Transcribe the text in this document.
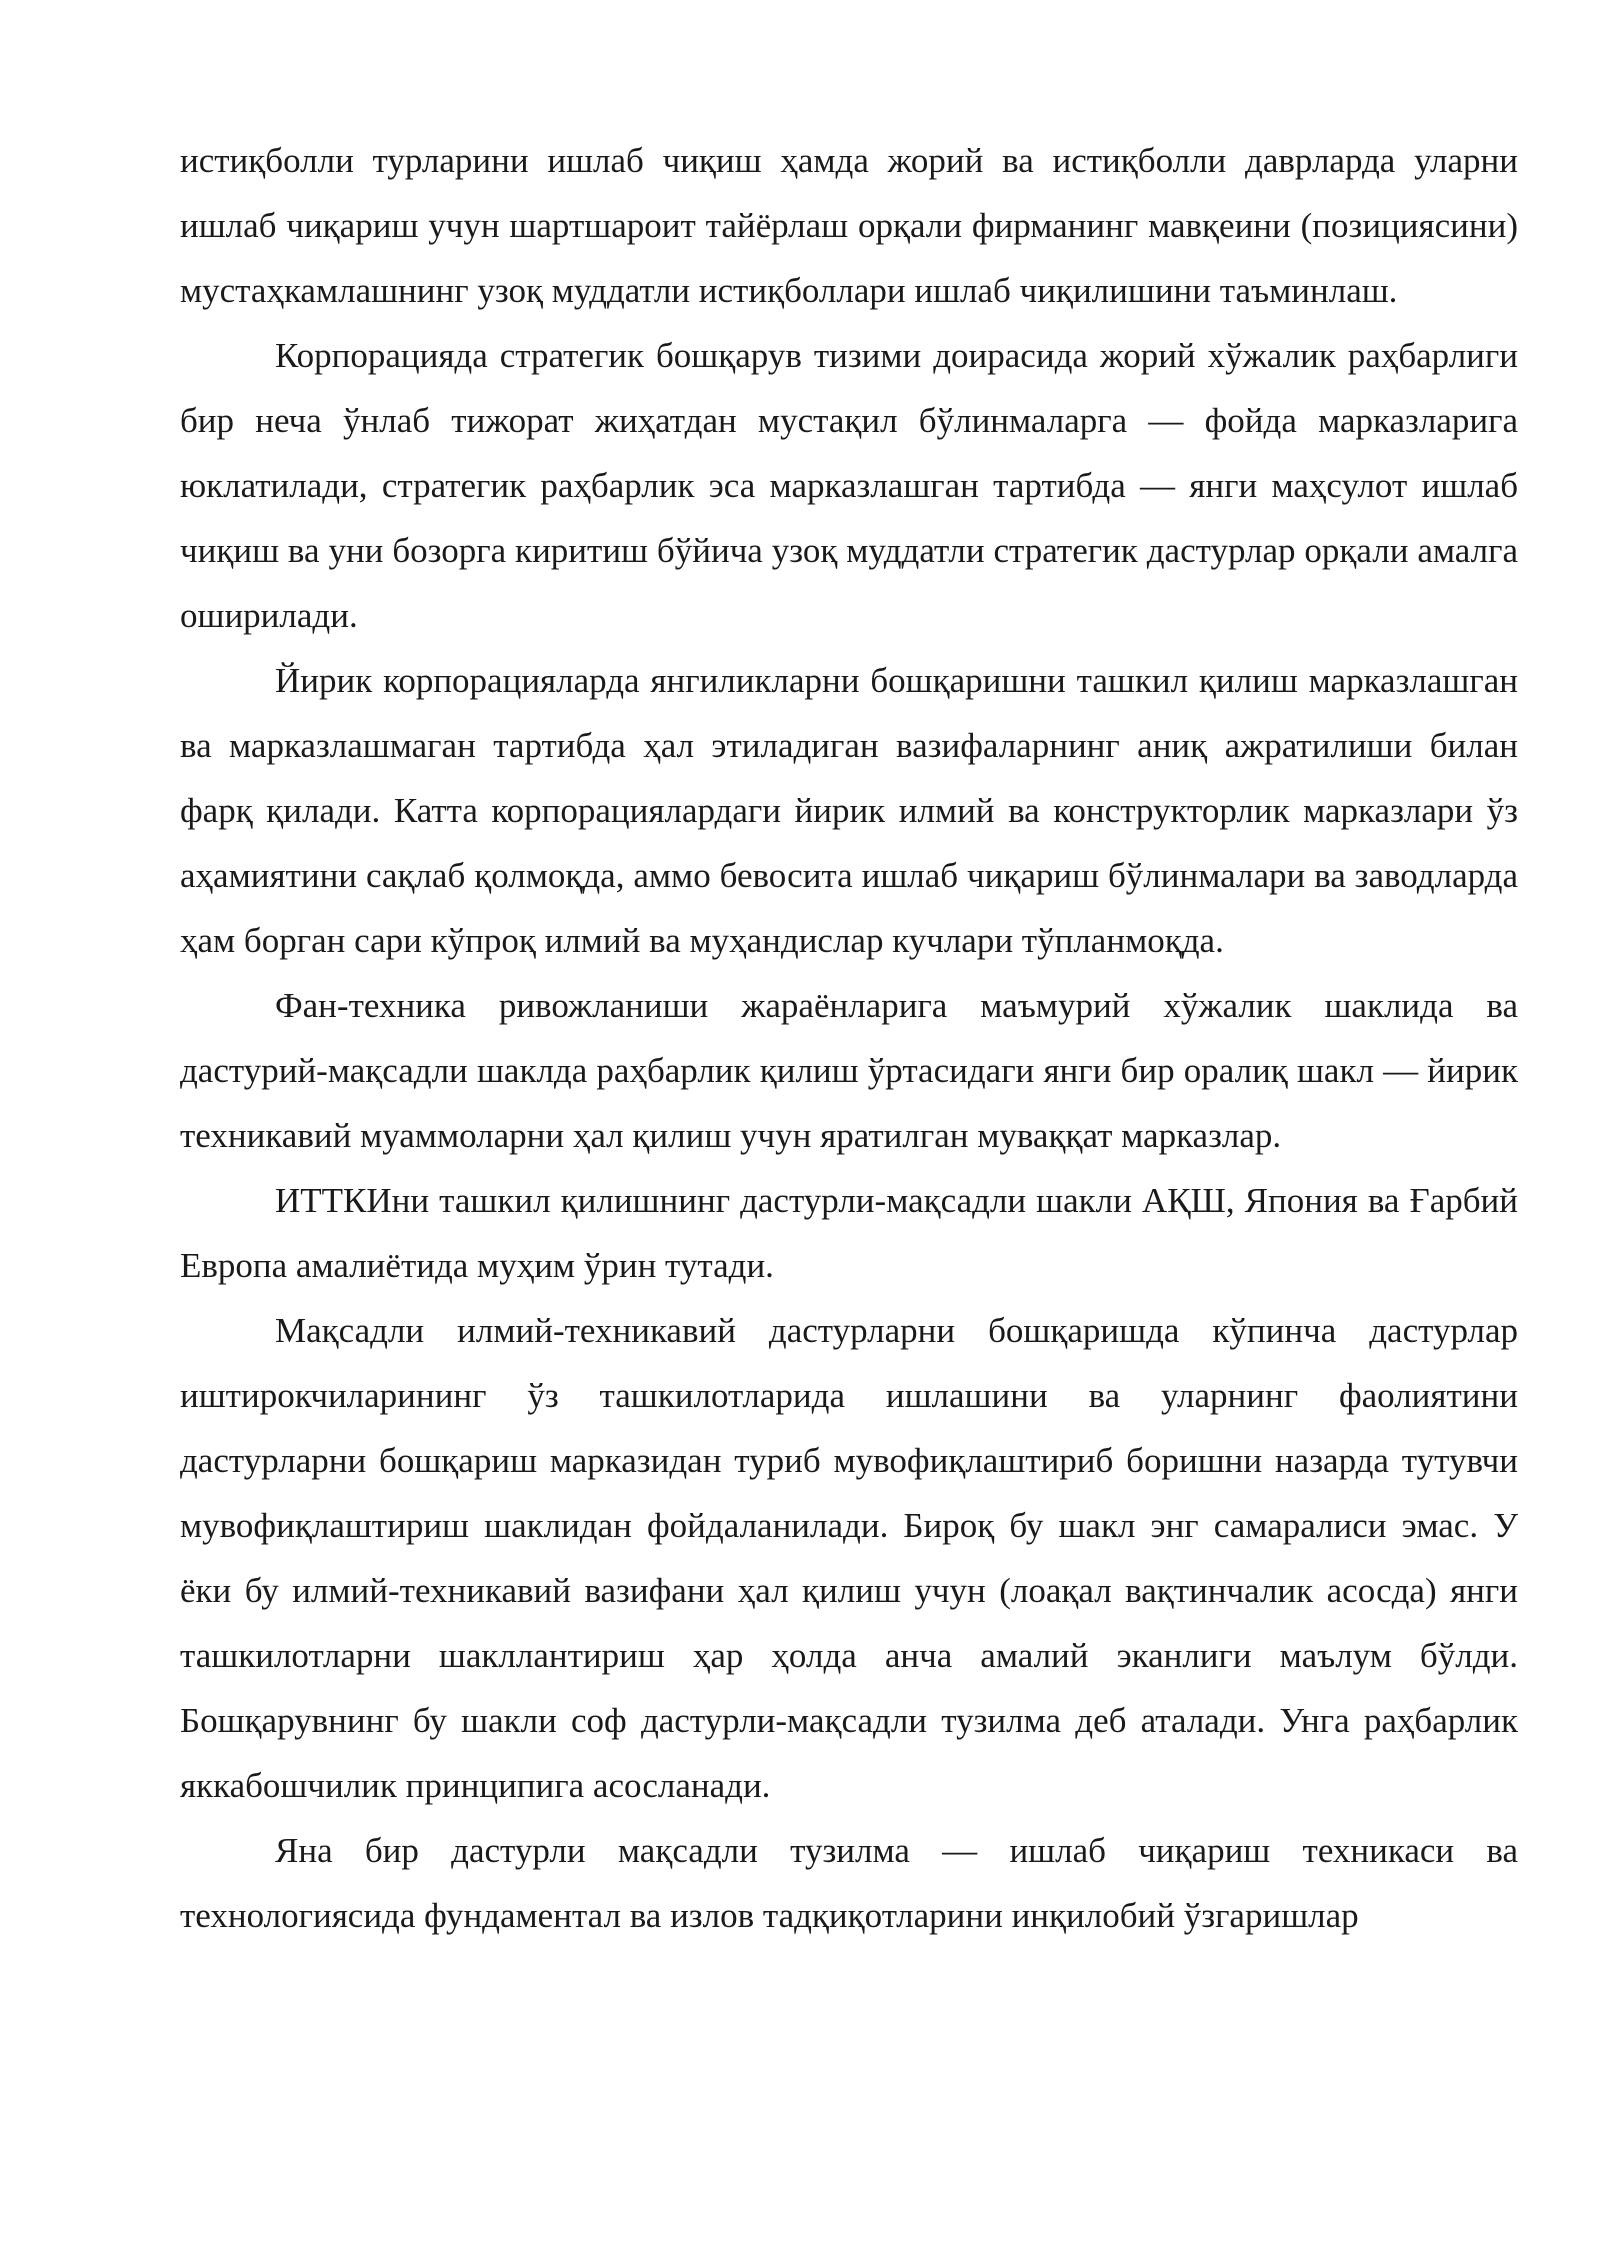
истиқболли турларини ишлаб чиқиш ҳамда жорий ва истиқболли даврларда уларни ишлаб чиқариш учун шартшароит тайёрлаш орқали фирманинг мавқеини (позициясини) мустаҳкамлашнинг узоқ муддатли истиқболлари ишлаб чиқилишини таъминлаш.

Корпорацияда стратегик бошқарув тизими доирасида жорий хўжалик раҳбарлиги бир неча ўнлаб тижорат жиҳатдан мустақил бўлинмаларга — фойда марказларига юклатилади, стратегик раҳбарлик эса марказлашган тартибда — янги маҳсулот ишлаб чиқиш ва уни бозорга киритиш бўйича узоқ муддатли стратегик дастурлар орқали амалга оширилади.

Йирик корпорацияларда янгиликларни бошқаришни ташкил қилиш марказлашган ва марказлашмаган тартибда ҳал этиладиган вазифаларнинг аниқ ажратилиши билан фарқ қилади. Катта корпорациялардаги йирик илмий ва конструкторлик марказлари ўз аҳамиятини сақлаб қолмоқда, аммо бевосита ишлаб чиқариш бўлинмалари ва заводларда ҳам борган сари кўпроқ илмий ва муҳандислар кучлари тўпланмоқда.

Фан-техника ривожланиши жараёнларига маъмурий хўжалик шаклида ва дастурий-мақсадли шаклда раҳбарлик қилиш ўртасидаги янги бир оралиқ шакл — йирик техникавий муаммоларни ҳал қилиш учун яратилган муваққат марказлар.

ИТТКИни ташкил қилишнинг дастурли-мақсадли шакли АҚШ, Япония ва Ғарбий Европа амалиётида муҳим ўрин тутади.

Мақсадли илмий-техникавий дастурларни бошқаришда кўпинча дастурлар иштирокчиларининг ўз ташкилотларида ишлашини ва уларнинг фаолиятини дастурларни бошқариш марказидан туриб мувофиқлаштириб боришни назарда тутувчи мувофиқлаштириш шаклидан фойдаланилади. Бироқ бу шакл энг самаралиси эмас. У ёки бу илмий-техникавий вазифани ҳал қилиш учун (лоақал вақтинчалик асосда) янги ташкилотларни шакллантириш ҳар ҳолда анча амалий эканлиги маълум бўлди. Бошқарувнинг бу шакли соф дастурли-мақсадли тузилма деб аталади. Унга раҳбарлик яккабошчилик принципига асосланади.

Яна бир дастурли мақсадли тузилма — ишлаб чиқариш техникаси ва технологиясида фундаментал ва излов тадқиқотларини инқилобий ўзгаришлар
